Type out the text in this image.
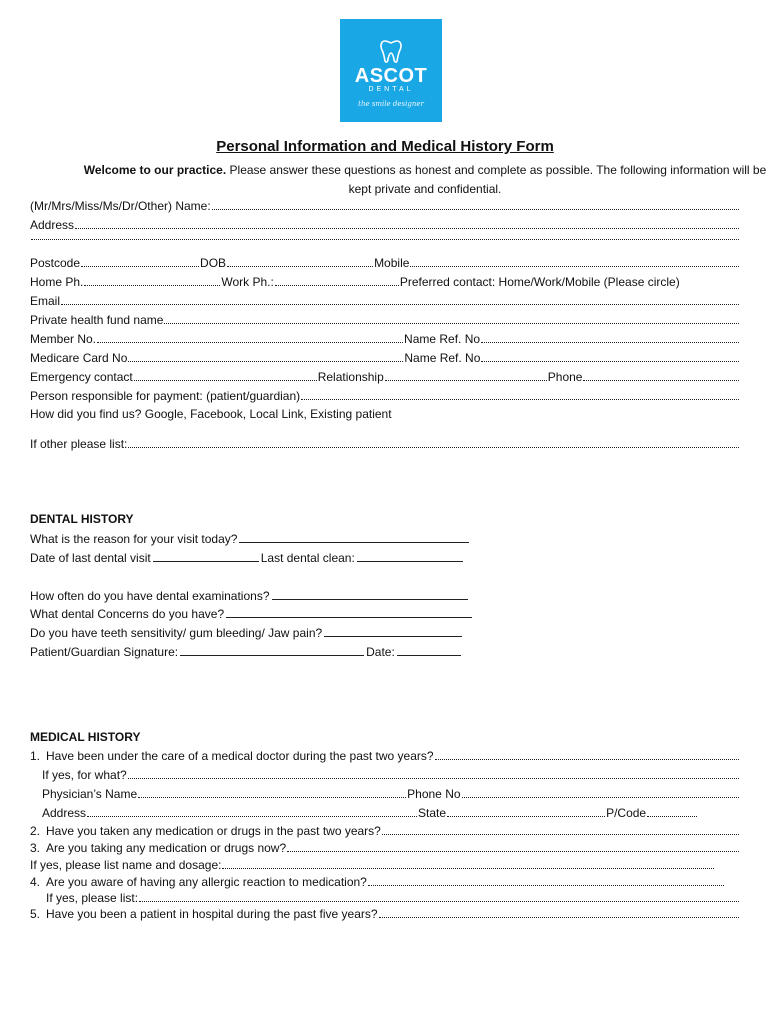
ASCOT
DENTAL
the smile designer
Personal Information and Medical History Form
Welcome to our practice. Please answer these questions as honest and complete as possible. The following information will be kept private and confidential.
(Mr/Mrs/Miss/Ms/Dr/Other) Name:
Address
Postcode	DOB	Mobile
Home Ph.	Work Ph.:	Preferred contact: Home/Work/Mobile (Please circle)
Email
Private health fund name
Member No.	Name Ref. No
Medicare Card No	Name Ref. No
Emergency contact	Relationship	Phone
Person responsible for payment: (patient/guardian)
How did you find us? Google, Facebook, Local Link, Existing patient
If other please list:
DENTAL HISTORY
What is the reason for your visit today?
Date of last dental visit	Last dental clean:
How often do you have dental examinations?
What dental Concerns do you have?
Do you have teeth sensitivity/ gum bleeding/ Jaw pain?
Patient/Guardian Signature:	Date:
MEDICAL HISTORY
1. Have been under the care of a medical doctor during the past two years?
If yes, for what?
Physician’s Name	Phone No
Address	State	P/Code
2. Have you taken any medication or drugs in the past two years?
3. Are you taking any medication or drugs now?
If yes, please list name and dosage:
4. Are you aware of having any allergic reaction to medication?
If yes, please list:
5. Have you been a patient in hospital during the past five years?
